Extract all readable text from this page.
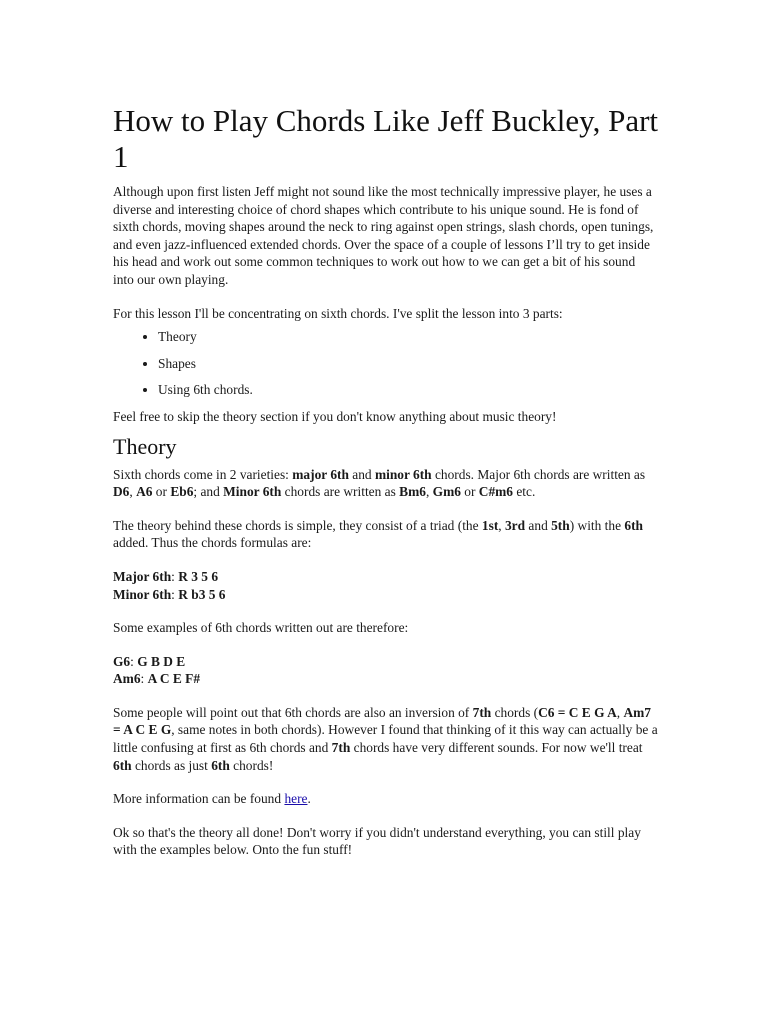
How to Play Chords Like Jeff Buckley, Part 1

Although upon first listen Jeff might not sound like the most technically impressive player, he uses a diverse and interesting choice of chord shapes which contribute to his unique sound. He is fond of sixth chords, moving shapes around the neck to ring against open strings, slash chords, open tunings, and even jazz-influenced extended chords. Over the space of a couple of lessons I’ll try to get inside his head and work out some common techniques to work out how to we can get a bit of his sound into our own playing.

For this lesson I'll be concentrating on sixth chords. I've split the lesson into 3 parts:

• Theory
• Shapes
• Using 6th chords.

Feel free to skip the theory section if you don't know anything about music theory!

Theory

Sixth chords come in 2 varieties: major 6th and minor 6th chords. Major 6th chords are written as D6, A6 or Eb6; and Minor 6th chords are written as Bm6, Gm6 or C#m6 etc.

The theory behind these chords is simple, they consist of a triad (the 1st, 3rd and 5th) with the 6th added. Thus the chords formulas are:

Major 6th: R 3 5 6

Minor 6th: R b3 5 6

Some examples of 6th chords written out are therefore:

G6: G B D E

Am6: A C E F#

Some people will point out that 6th chords are also an inversion of 7th chords (C6 = C E G A, Am7 = A C E G, same notes in both chords). However I found that thinking of it this way can actually be a little confusing at first as 6th chords and 7th chords have very different sounds. For now we'll treat 6th chords as just 6th chords!

More information can be found here.

Ok so that's the theory all done! Don't worry if you didn't understand everything, you can still play with the examples below. Onto the fun stuff!
